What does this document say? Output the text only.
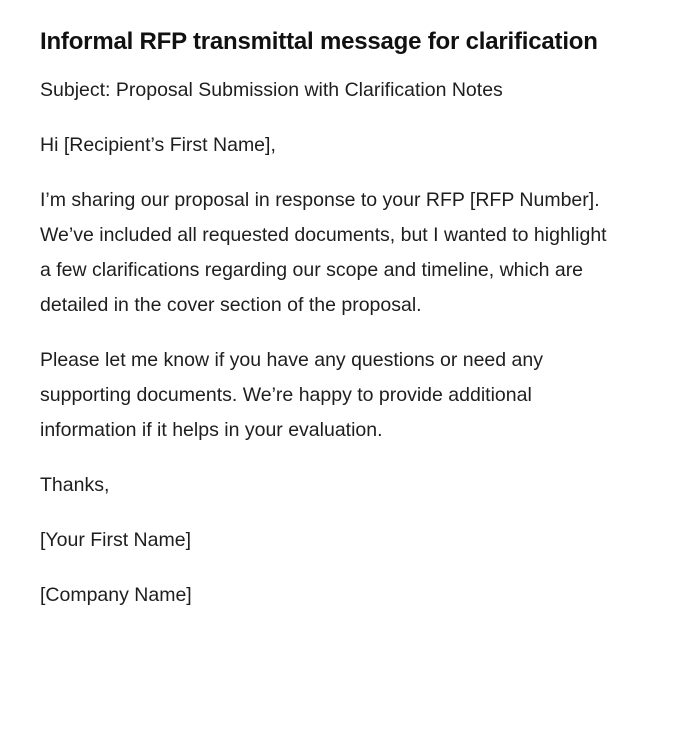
Informal RFP transmittal message for clarification

Subject: Proposal Submission with Clarification Notes

Hi [Recipient’s First Name],

I’m sharing our proposal in response to your RFP [RFP Number]. We’ve included all requested documents, but I wanted to highlight a few clarifications regarding our scope and timeline, which are detailed in the cover section of the proposal.

Please let me know if you have any questions or need any supporting documents. We’re happy to provide additional information if it helps in your evaluation.

Thanks,

[Your First Name]

[Company Name]
